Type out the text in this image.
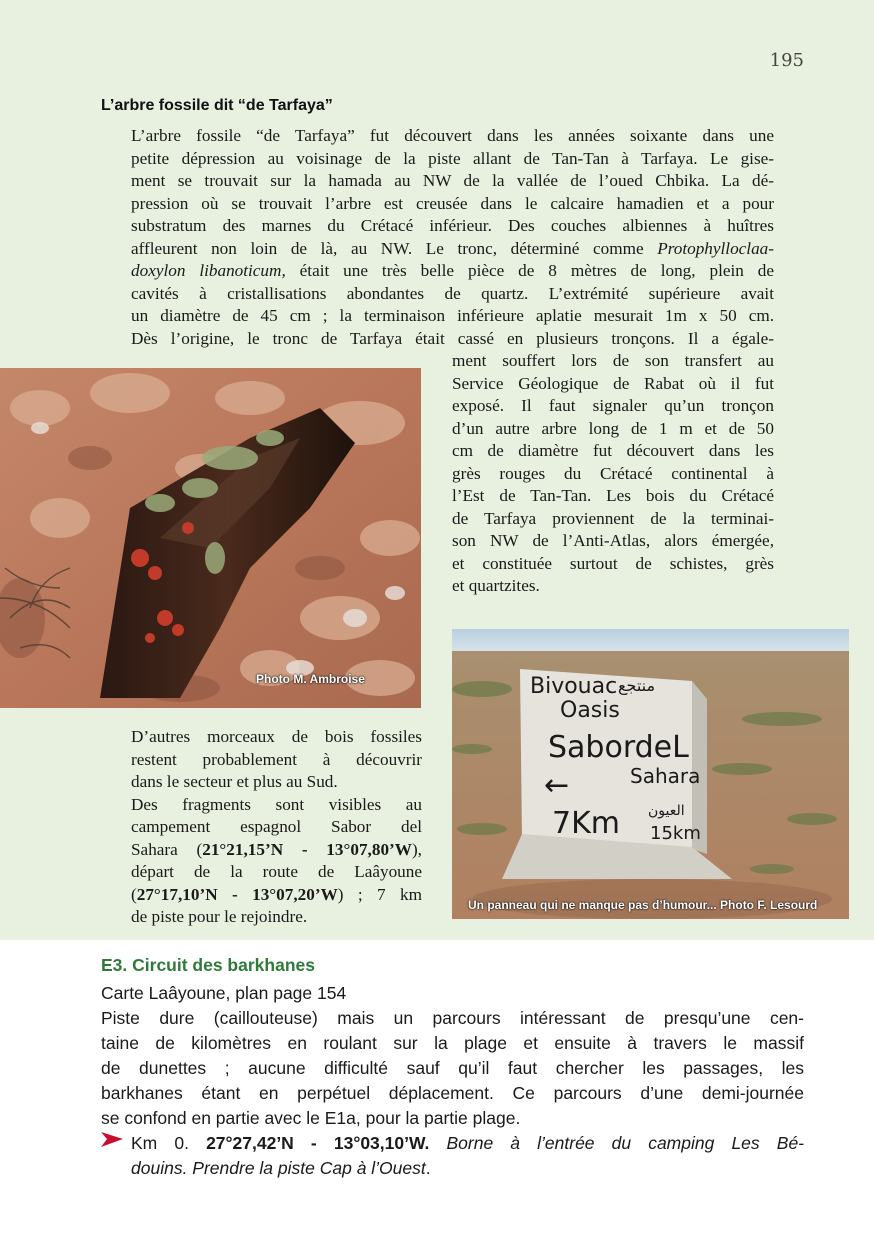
195
L’arbre fossile dit “de Tarfaya”
L’arbre fossile “de Tarfaya” fut découvert dans les années soixante dans une
petite dépression au voisinage de la piste allant de Tan-Tan à Tarfaya. Le gise-
ment se trouvait sur la hamada au NW de la vallée de l’oued Chbika. La dé-
pression où se trouvait l’arbre est creusée dans le calcaire hamadien et a pour
substratum des marnes du Crétacé inférieur. Des couches albiennes à huîtres
affleurent non loin de là, au NW. Le tronc, déterminé comme Protophylloclaa-
doxylon libanoticum, était une très belle pièce de 8 mètres de long, plein de
cavités à cristallisations abondantes de quartz. L’extrémité supérieure avait
un diamètre de 45 cm ; la terminaison inférieure aplatie mesurait 1m x 50 cm.
Dès l’origine, le tronc de Tarfaya était cassé en plusieurs tronçons. Il a égale-
ment souffert lors de son transfert au
Service Géologique de Rabat où il fut
exposé. Il faut signaler qu’un tronçon
d’un autre arbre long de 1 m et de 50
cm de diamètre fut découvert dans les
grès rouges du Crétacé continental à
l’Est de Tan-Tan. Les bois du Crétacé
de Tarfaya proviennent de la terminai-
son NW de l’Anti-Atlas, alors émergée,
et constituée surtout de schistes, grès
et quartzites.
Photo M. Ambroise	Bivouac منتجع
Oasis
SabordeL
Sahara
←
7Km العيون
15km
Un panneau qui ne manque pas d’humour... Photo F. Lesourd
D’autres morceaux de bois fossiles
restent probablement à découvrir
dans le secteur et plus au Sud.
Des fragments sont visibles au
campement espagnol Sabor del
Sahara (21°21,15’N - 13°07,80’W),
départ de la route de Laâyoune
(27°17,10’N - 13°07,20’W) ; 7 km
de piste pour le rejoindre.
E3. Circuit des barkhanes

Carte Laâyoune, plan page 154

Piste dure (caillouteuse) mais un parcours intéressant de presqu’une cen-
taine de kilomètres en roulant sur la plage et ensuite à travers le massif
de dunettes ; aucune difficulté sauf qu’il faut chercher les passages, les
barkhanes étant en perpétuel déplacement. Ce parcours d’une demi-journée
se confond en partie avec le E1a, pour la partie plage.
Km 0. 27°27,42’N - 13°03,10’W. Borne à l’entrée du camping Les Bé-
douins. Prendre la piste Cap à l’Ouest.
